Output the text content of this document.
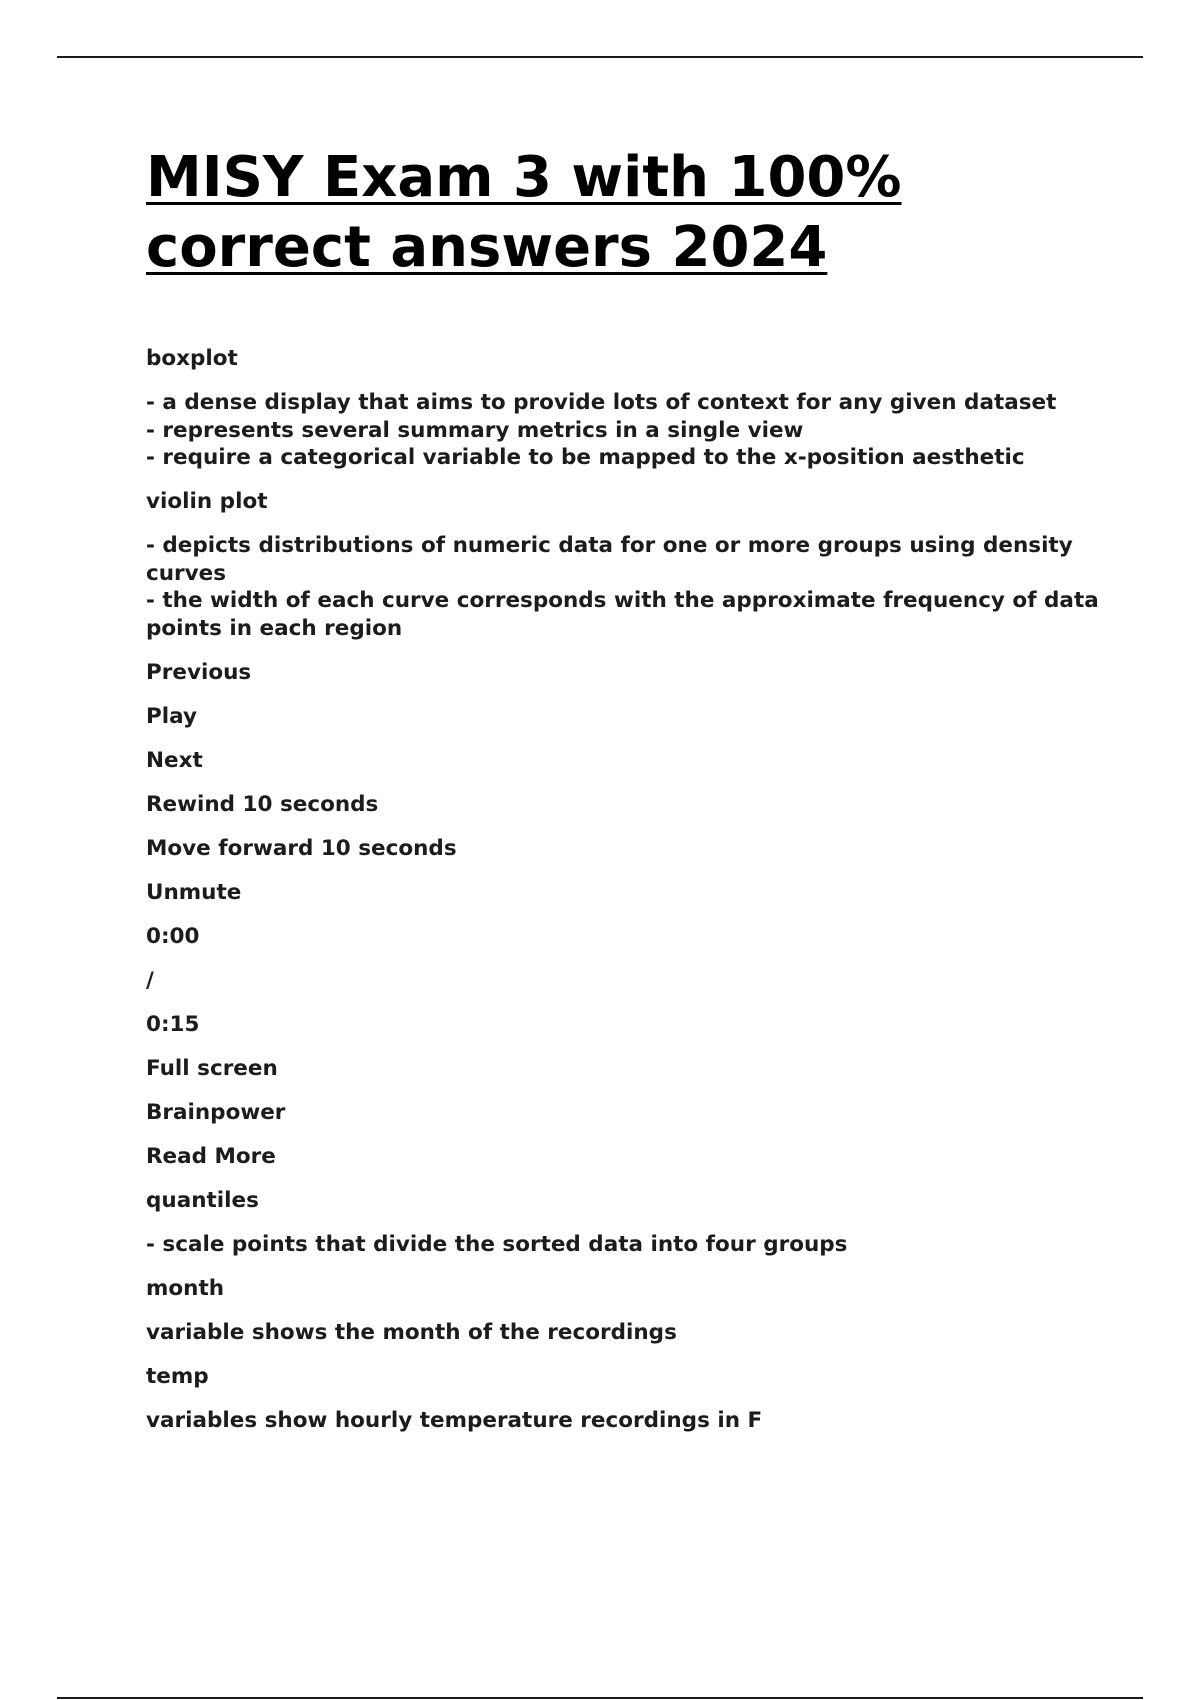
MISY Exam 3 with 100% correct answers 2024

boxplot

- a dense display that aims to provide lots of context for any given dataset
- represents several summary metrics in a single view
- require a categorical variable to be mapped to the x-position aesthetic

violin plot

- depicts distributions of numeric data for one or more groups using density curves
- the width of each curve corresponds with the approximate frequency of data points in each region

Previous

Play

Next

Rewind 10 seconds

Move forward 10 seconds

Unmute

0:00

/

0:15

Full screen

Brainpower

Read More

quantiles

- scale points that divide the sorted data into four groups

month

variable shows the month of the recordings

temp

variables show hourly temperature recordings in F
